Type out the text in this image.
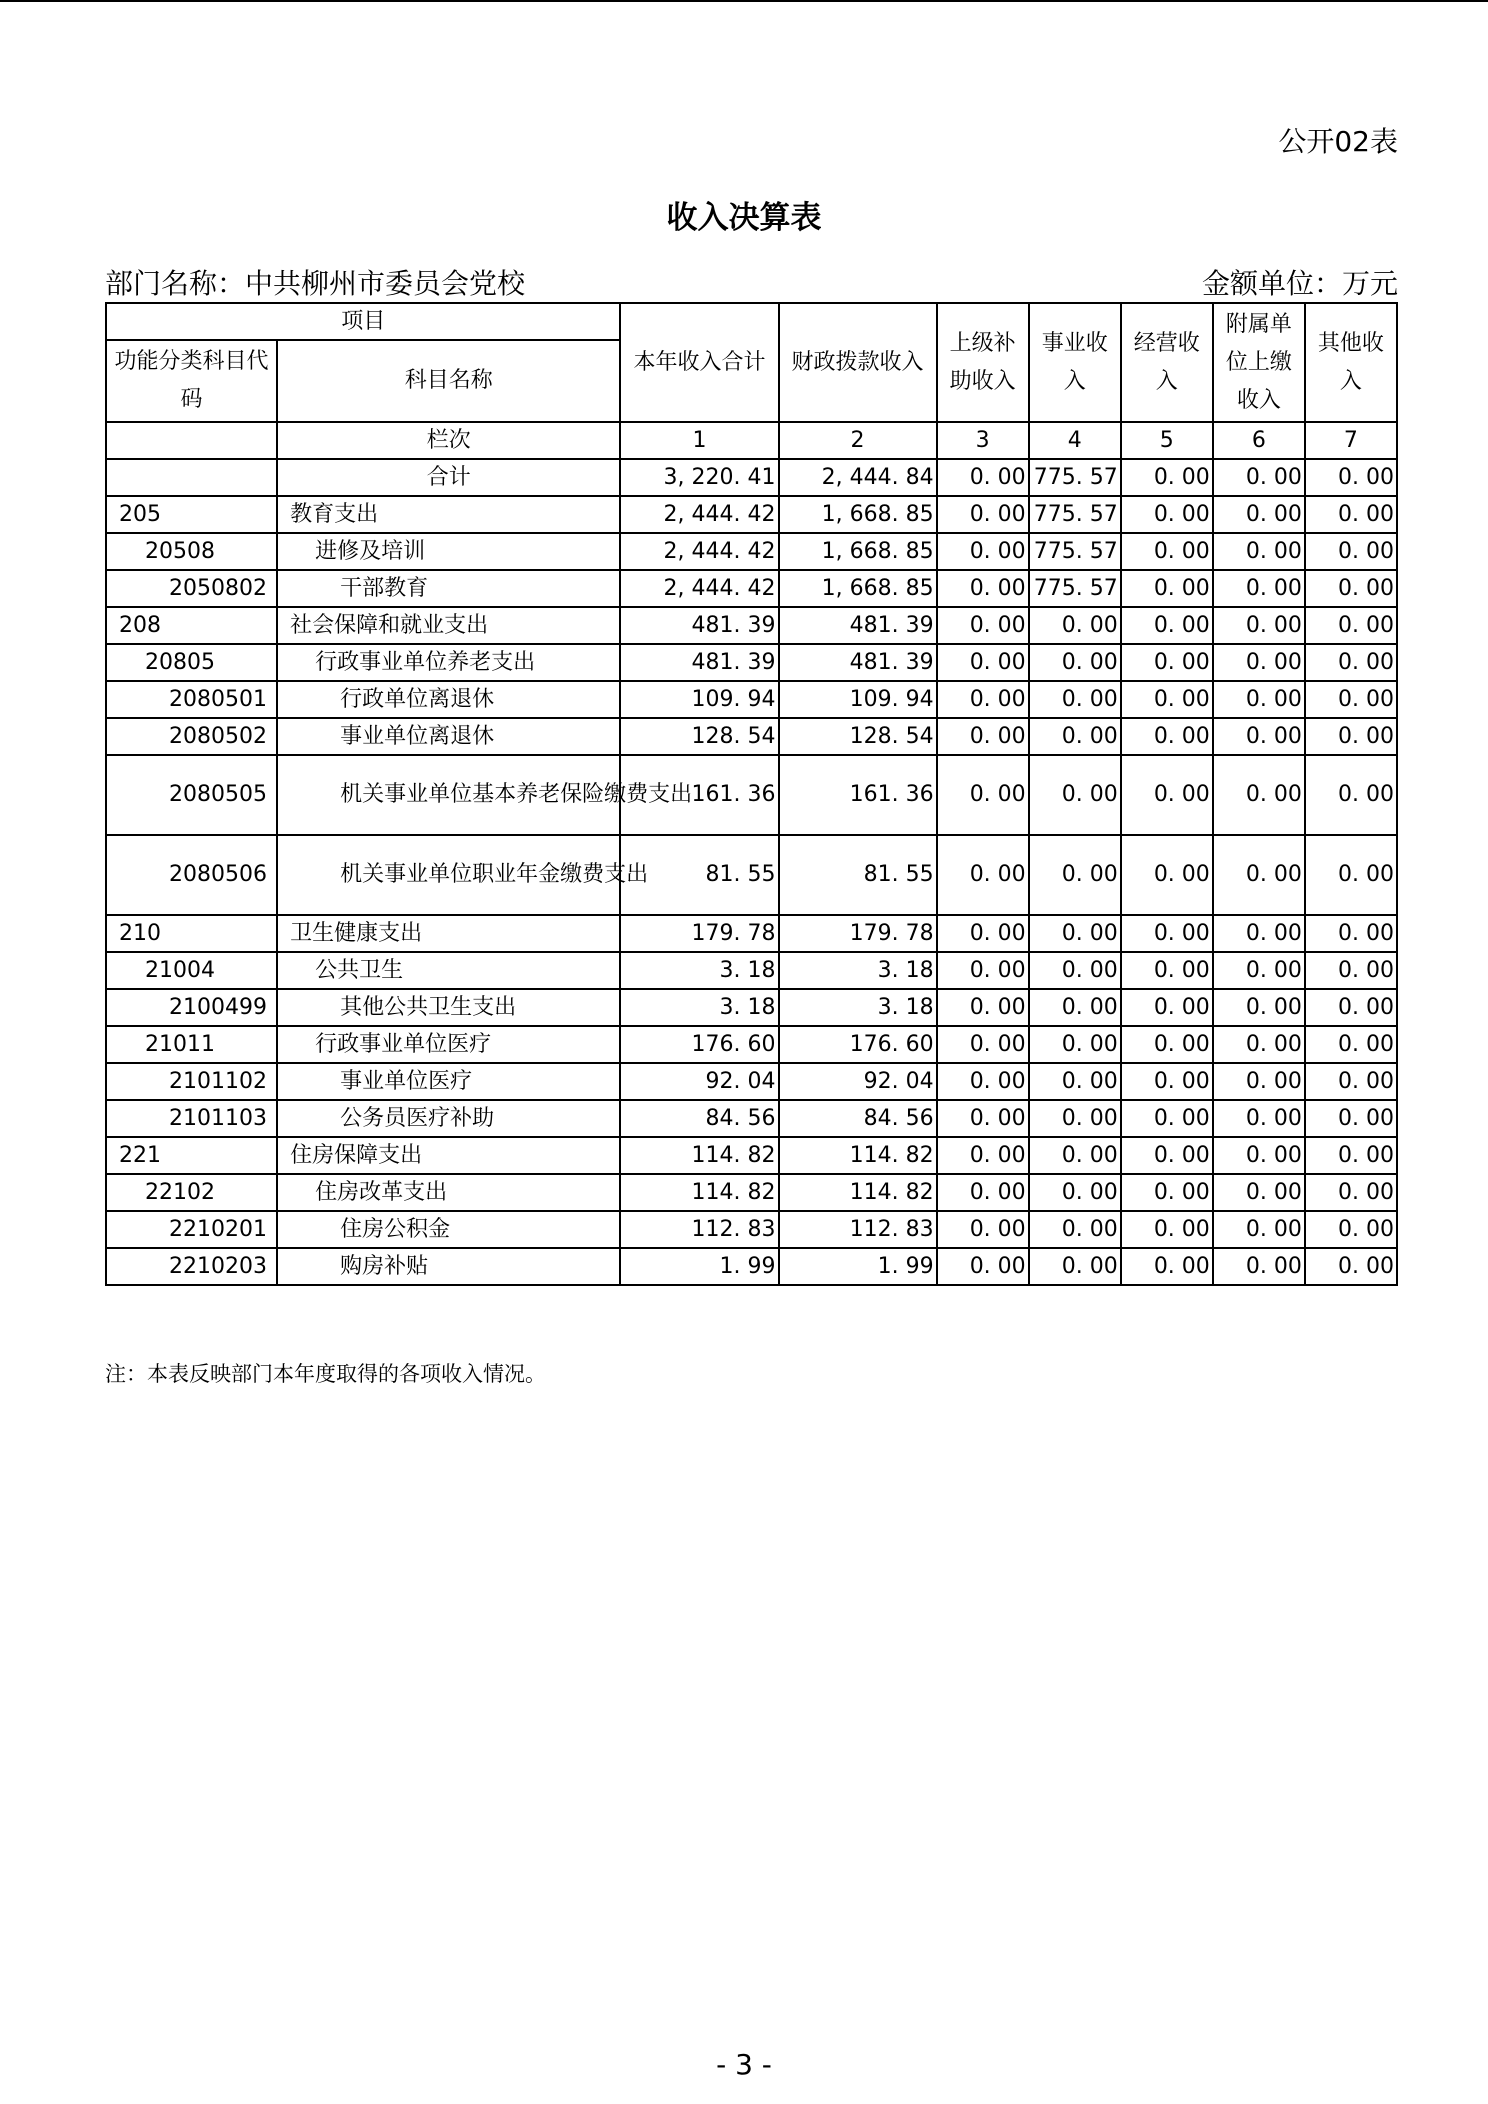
公开02表
收入决算表
部门名称：中共柳州市委员会党校	金额单位：万元
项目		本年收入合计	财政拨款收入	上级补助收入	事业收入	经营收入	附属单位上缴收入	其他收入
功能分类科目代码	科目名称							
	栏次	1	2	3	4	5	6	7
	合计	3, 220. 41	2, 444. 84	0. 00	775. 57	0. 00	0. 00	0. 00
205	教育支出	2, 444. 42	1, 668. 85	0. 00	775. 57	0. 00	0. 00	0. 00
20508	进修及培训	2, 444. 42	1, 668. 85	0. 00	775. 57	0. 00	0. 00	0. 00
2050802	干部教育	2, 444. 42	1, 668. 85	0. 00	775. 57	0. 00	0. 00	0. 00
208	社会保障和就业支出	481. 39	481. 39	0. 00	0. 00	0. 00	0. 00	0. 00
20805	行政事业单位养老支出	481. 39	481. 39	0. 00	0. 00	0. 00	0. 00	0. 00
2080501	行政单位离退休	109. 94	109. 94	0. 00	0. 00	0. 00	0. 00	0. 00
2080502	事业单位离退休	128. 54	128. 54	0. 00	0. 00	0. 00	0. 00	0. 00
2080505	机关事业单位基本养老保险缴费支出	161. 36	161. 36	0. 00	0. 00	0. 00	0. 00	0. 00
2080506	机关事业单位职业年金缴费支出	81. 55	81. 55	0. 00	0. 00	0. 00	0. 00	0. 00
210	卫生健康支出	179. 78	179. 78	0. 00	0. 00	0. 00	0. 00	0. 00
21004	公共卫生	3. 18	3. 18	0. 00	0. 00	0. 00	0. 00	0. 00
2100499	其他公共卫生支出	3. 18	3. 18	0. 00	0. 00	0. 00	0. 00	0. 00
21011	行政事业单位医疗	176. 60	176. 60	0. 00	0. 00	0. 00	0. 00	0. 00
2101102	事业单位医疗	92. 04	92. 04	0. 00	0. 00	0. 00	0. 00	0. 00
2101103	公务员医疗补助	84. 56	84. 56	0. 00	0. 00	0. 00	0. 00	0. 00
221	住房保障支出	114. 82	114. 82	0. 00	0. 00	0. 00	0. 00	0. 00
22102	住房改革支出	114. 82	114. 82	0. 00	0. 00	0. 00	0. 00	0. 00
2210201	住房公积金	112. 83	112. 83	0. 00	0. 00	0. 00	0. 00	0. 00
2210203	购房补贴	1. 99	1. 99	0. 00	0. 00	0. 00	0. 00	0. 00
注：本表反映部门本年度取得的各项收入情况。
- 3 -
